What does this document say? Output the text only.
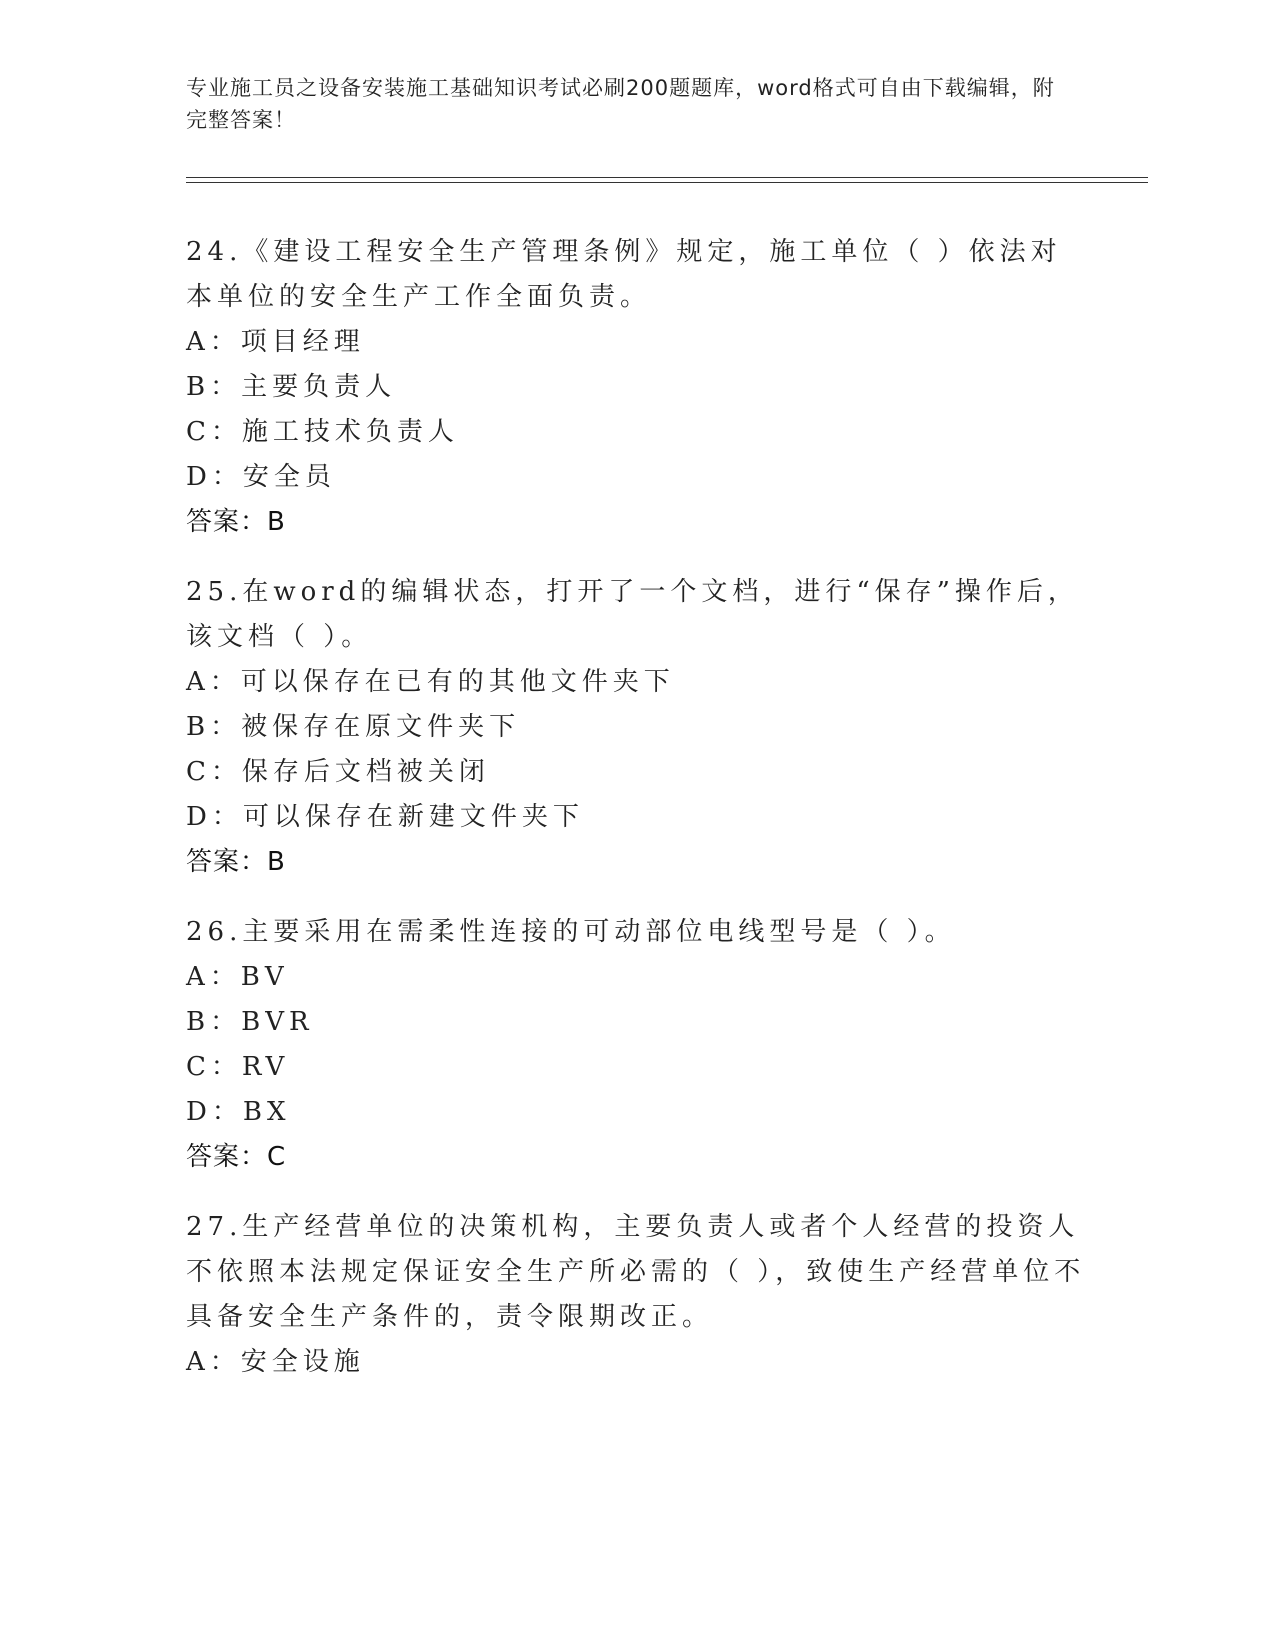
专业施工员之设备安装施工基础知识考试必刷200题题库，word格式可自由下载编辑，附完整答案！

24.《建设工程安全生产管理条例》规定，施工单位（ ）依法对本单位的安全生产工作全面负责。

A：项目经理

B：主要负责人

C：施工技术负责人

D：安全员

答案：B

25.在word的编辑状态，打开了一个文档，进行“保存”操作后，该文档（ ）。

A：可以保存在已有的其他文件夹下

B：被保存在原文件夹下

C：保存后文档被关闭

D：可以保存在新建文件夹下

答案：B

26.主要采用在需柔性连接的可动部位电线型号是（ ）。

A：BV

B：BVR

C：RV

D：BX

答案：C

27.生产经营单位的决策机构，主要负责人或者个人经营的投资人不依照本法规定保证安全生产所必需的（ ），致使生产经营单位不具备安全生产条件的，责令限期改正。

A：安全设施
